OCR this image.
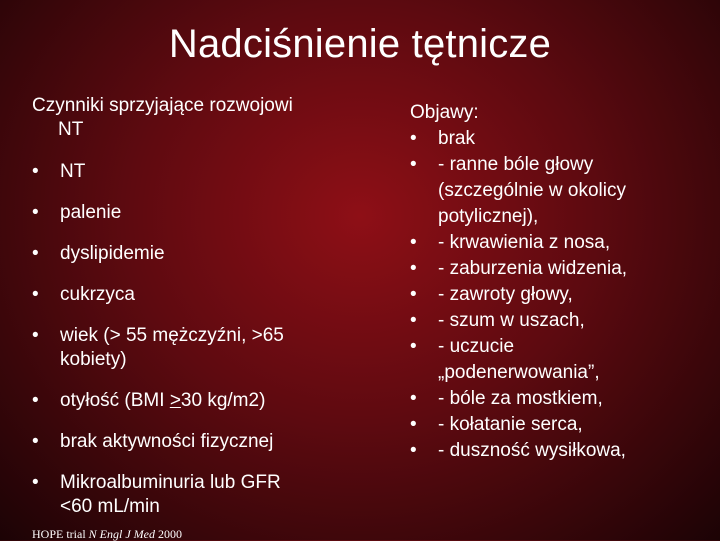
Nadciśnienie tętnicze
Czynniki sprzyjające rozwojowi
NT
• NT
• palenie
• dyslipidemie
• cukrzyca
• wiek (> 55 mężczyźni, >65
kobiety)
• otyłość (BMI ≥30 kg/m2)
• brak aktywności fizycznej
• Mikroalbuminuria lub GFR
<60 mL/min
Objawy:
• brak
• - ranne bóle głowy
(szczególnie w okolicy
potylicznej),
• - krwawienia z nosa,
• - zaburzenia widzenia,
• - zawroty głowy,
• - szum w uszach,
• - uczucie
„podenerwowania”,
• - bóle za mostkiem,
• - kołatanie serca,
• - duszność wysiłkowa,
HOPE trial N Engl J Med 2000
